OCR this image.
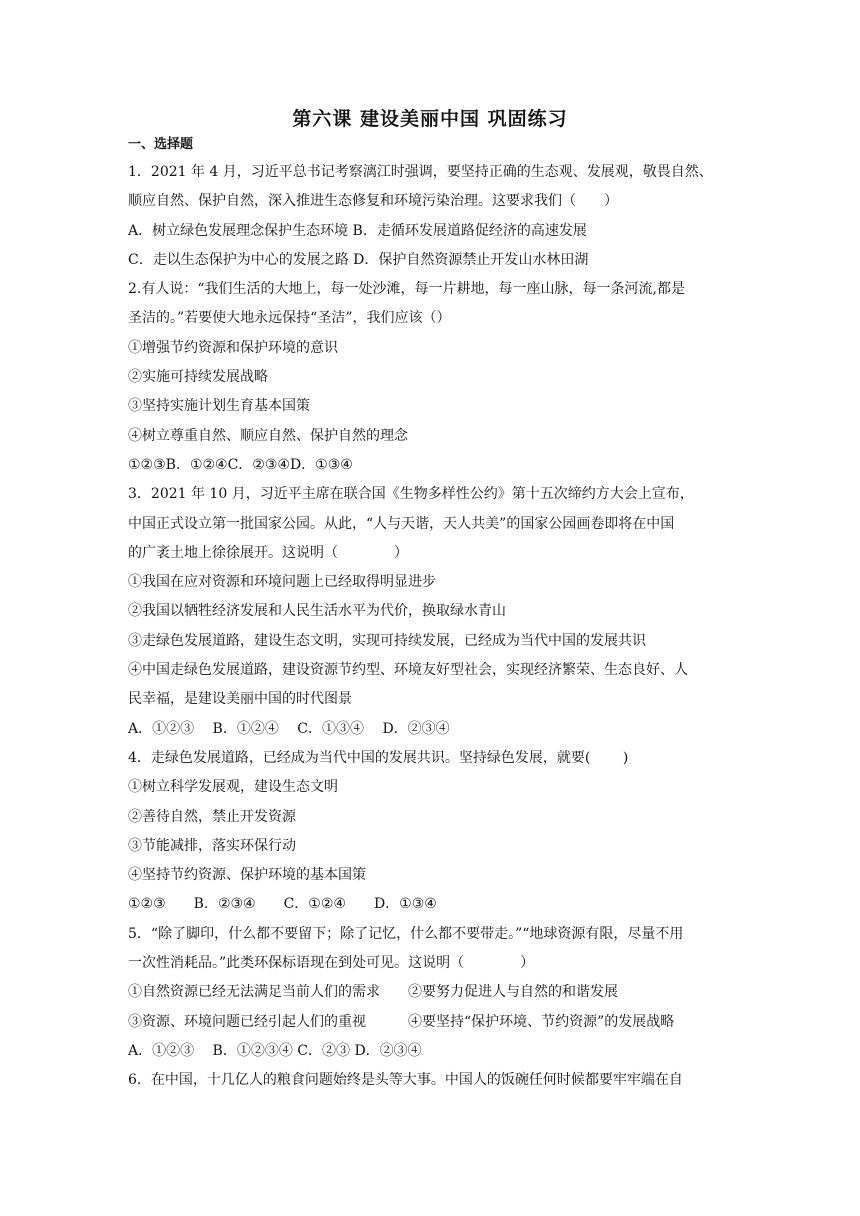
第六课 建设美丽中国 巩固练习
一、选择题
1．2021 年 4 月，习近平总书记考察漓江时强调，要坚持正确的生态观、发展观，敬畏自然、
顺应自然、保护自然，深入推进生态修复和环境污染治理。这要求我们（　　）
A．树立绿色发展理念保护生态环境 B．走循环发展道路促经济的高速发展
C．走以生态保护为中心的发展之路 D．保护自然资源禁止开发山水林田湖
2.有人说：“我们生活的大地上，每一处沙滩，每一片耕地，每一座山脉，每一条河流,都是
圣洁的。”若要使大地永远保持“圣洁”，我们应该（）
①增强节约资源和保护环境的意识
②实施可持续发展战略
③坚持实施计划生育基本国策
④树立尊重自然、顺应自然、保护自然的理念
①②③B．①②④C．②③④D．①③④
3．2021 年 10 月，习近平主席在联合国《生物多样性公约》第十五次缔约方大会上宣布，
中国正式设立第一批国家公园。从此，“人与天谐，天人共美”的国家公园画卷即将在中国
的广袤土地上徐徐展开。这说明（　　　　）
①我国在应对资源和环境问题上已经取得明显进步
②我国以牺牲经济发展和人民生活水平为代价，换取绿水青山
③走绿色发展道路，建设生态文明，实现可持续发展，已经成为当代中国的发展共识
④中国走绿色发展道路，建设资源节约型、环境友好型社会，实现经济繁荣、生态良好、人
民幸福，是建设美丽中国的时代图景
A．①②③　 B．①②④　 C．①③④　 D．②③④
4．走绿色发展道路，已经成为当代中国的发展共识。坚持绿色发展，就要(　　 )
①树立科学发展观，建设生态文明
②善待自然，禁止开发资源
③节能减排，落实环保行动
④坚持节约资源、保护环境的基本国策
①②③　　B．②③④　　C．①②④　　D．①③④
5．“除了脚印，什么都不要留下；除了记忆，什么都不要带走。”“地球资源有限，尽量不用
一次性消耗品。”此类环保标语现在到处可见。这说明（　　　　）
①自然资源已经无法满足当前人们的需求　　②要努力促进人与自然的和谐发展
③资源、环境问题已经引起人们的重视　　　④要坚持“保护环境、节约资源”的发展战略
A．①②③　 B．①②③④ C．②③ D．②③④
6．在中国，十几亿人的粮食问题始终是头等大事。中国人的饭碗任何时候都要牢牢端在自
